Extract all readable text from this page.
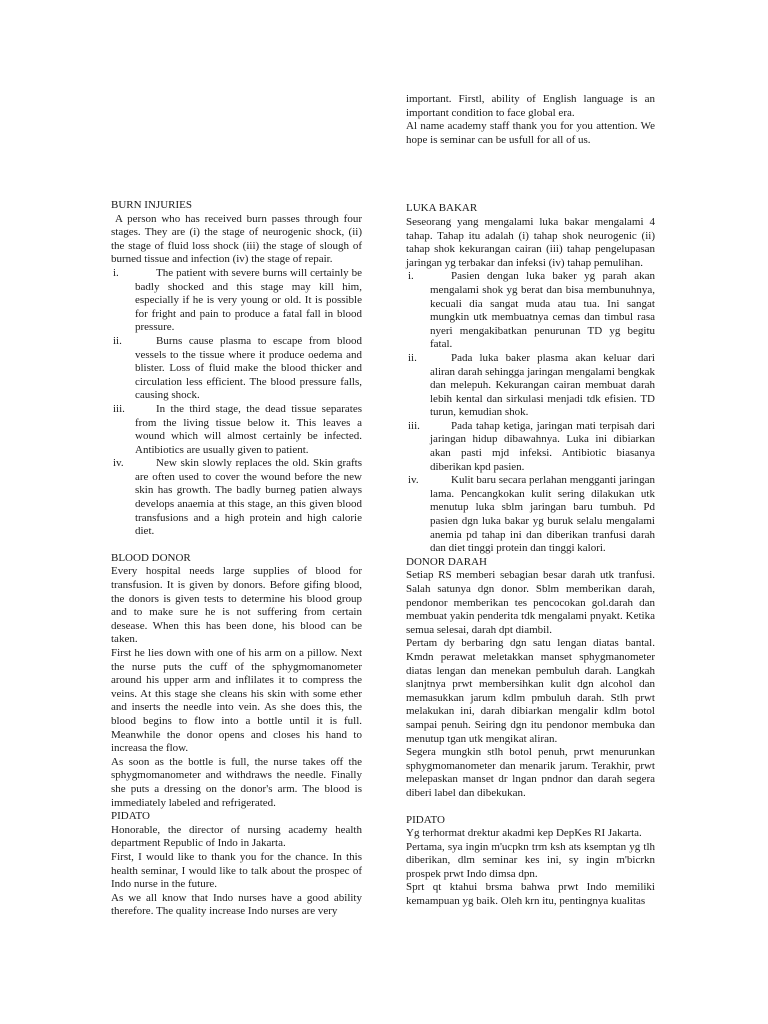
BURN INJURIES

A person who has received burn passes through four stages. They are (i) the stage of neurogenic shock, (ii) the stage of fluid loss shock (iii) the stage of slough of burned tissue and infection (iv) the stage of repair.

i.	The patient with severe burns will certainly be badly shocked and this stage may kill him, especially if he is very young or old. It is possible for fright and pain to produce a fatal fall in blood pressure.
ii.	Burns cause plasma to escape from blood vessels to the tissue where it produce oedema and blister. Loss of fluid make the blood thicker and circulation less efficient. The blood pressure falls, causing shock.
iii.	In the third stage, the dead tissue separates from the living tissue below it. This leaves a wound which will almost certainly be infected. Antibiotics are usually given to patient.
iv.	New skin slowly replaces the old. Skin grafts are often used to cover the wound before the new skin has growth. The badly burneg patien always develops anaemia at this stage, an this given blood transfusions and a high protein and high calorie diet.

BLOOD DONOR

Every hospital needs large supplies of blood for transfusion. It is given by donors. Before gifing blood, the donors is given tests to determine his blood group and to make sure he is not suffering from certain desease. When this has been done, his blood can be taken.

First he lies down with one of his arm on a pillow. Next the nurse puts the cuff of the sphygmomanometer around his upper arm and inflilates it to compress the veins. At this stage she cleans his skin with some ether and inserts the needle into vein. As she does this, the blood begins to flow into a bottle until it is full. Meanwhile the donor opens and closes his hand to increasa the flow.

As soon as the bottle is full, the nurse takes off the sphygmomanometer and withdraws the needle. Finally she puts a dressing on the donor's arm. The blood is immediately labeled and refrigerated.

PIDATO

Honorable, the director of nursing academy health department Republic of Indo in Jakarta.

First, I would like to thank you for the chance. In this health seminar, I would like to talk about the prospec of Indo nurse in the future.

As we all know that Indo nurses have a good ability therefore. The quality increase Indo nurses are very

important. Firstl, ability of English language is an important condition to face global era.

Al name academy staff thank you for you attention. We hope is seminar can be usfull for all of us.

LUKA BAKAR

Seseorang yang mengalami luka bakar mengalami 4 tahap. Tahap itu adalah (i) tahap shok neurogenic (ii) tahap shok kekurangan cairan (iii) tahap pengelupasan jaringan yg terbakar dan infeksi (iv) tahap pemulihan.

i.	Pasien dengan luka baker yg parah akan mengalami shok yg berat dan bisa membunuhnya, kecuali dia sangat muda atau tua. Ini sangat mungkin utk membuatnya cemas dan timbul rasa nyeri mengakibatkan penurunan TD yg begitu fatal.
ii.	Pada luka baker plasma akan keluar dari aliran darah sehingga jaringan mengalami bengkak dan melepuh. Kekurangan cairan membuat darah lebih kental dan sirkulasi menjadi tdk efisien. TD turun, kemudian shok.
iii.	Pada tahap ketiga, jaringan mati terpisah dari jaringan hidup dibawahnya. Luka ini dibiarkan akan pasti mjd infeksi. Antibiotic biasanya diberikan kpd pasien.
iv.	Kulit baru secara perlahan mengganti jaringan lama. Pencangkokan kulit sering dilakukan utk menutup luka sblm jaringan baru tumbuh. Pd pasien dgn luka bakar yg buruk selalu mengalami anemia pd tahap ini dan diberikan tranfusi darah dan diet tinggi protein dan tinggi kalori.

DONOR DARAH

Setiap RS memberi sebagian besar darah utk tranfusi. Salah satunya dgn donor. Sblm memberikan darah, pendonor memberikan tes pencocokan gol.darah dan membuat yakin penderita tdk mengalami pnyakt. Ketika semua selesai, darah dpt diambil.

Pertam dy berbaring dgn satu lengan diatas bantal. Kmdn perawat meletakkan manset sphygmanometer diatas lengan dan menekan pembuluh darah. Langkah slanjtnya prwt membersihkan kulit dgn alcohol dan memasukkan jarum kdlm pmbuluh darah. Stlh prwt melakukan ini, darah dibiarkan mengalir kdlm botol sampai penuh. Seiring dgn itu pendonor membuka dan menutup tgan utk mengikat aliran.

Segera mungkin stlh botol penuh, prwt menurunkan sphygmomanometer dan menarik jarum. Terakhir, prwt melepaskan manset dr lngan pndnor dan darah segera diberi label dan dibekukan.

PIDATO

Yg terhormat drektur akadmi kep DepKes RI Jakarta.

Pertama, sya ingin m'ucpkn trm ksh ats ksemptan yg tlh diberikan, dlm seminar kes ini, sy ingin m'bicrkn prospek prwt Indo dimsa dpn.

Sprt qt ktahui brsma bahwa prwt Indo memiliki kemampuan yg baik. Oleh krn itu, pentingnya kualitas
